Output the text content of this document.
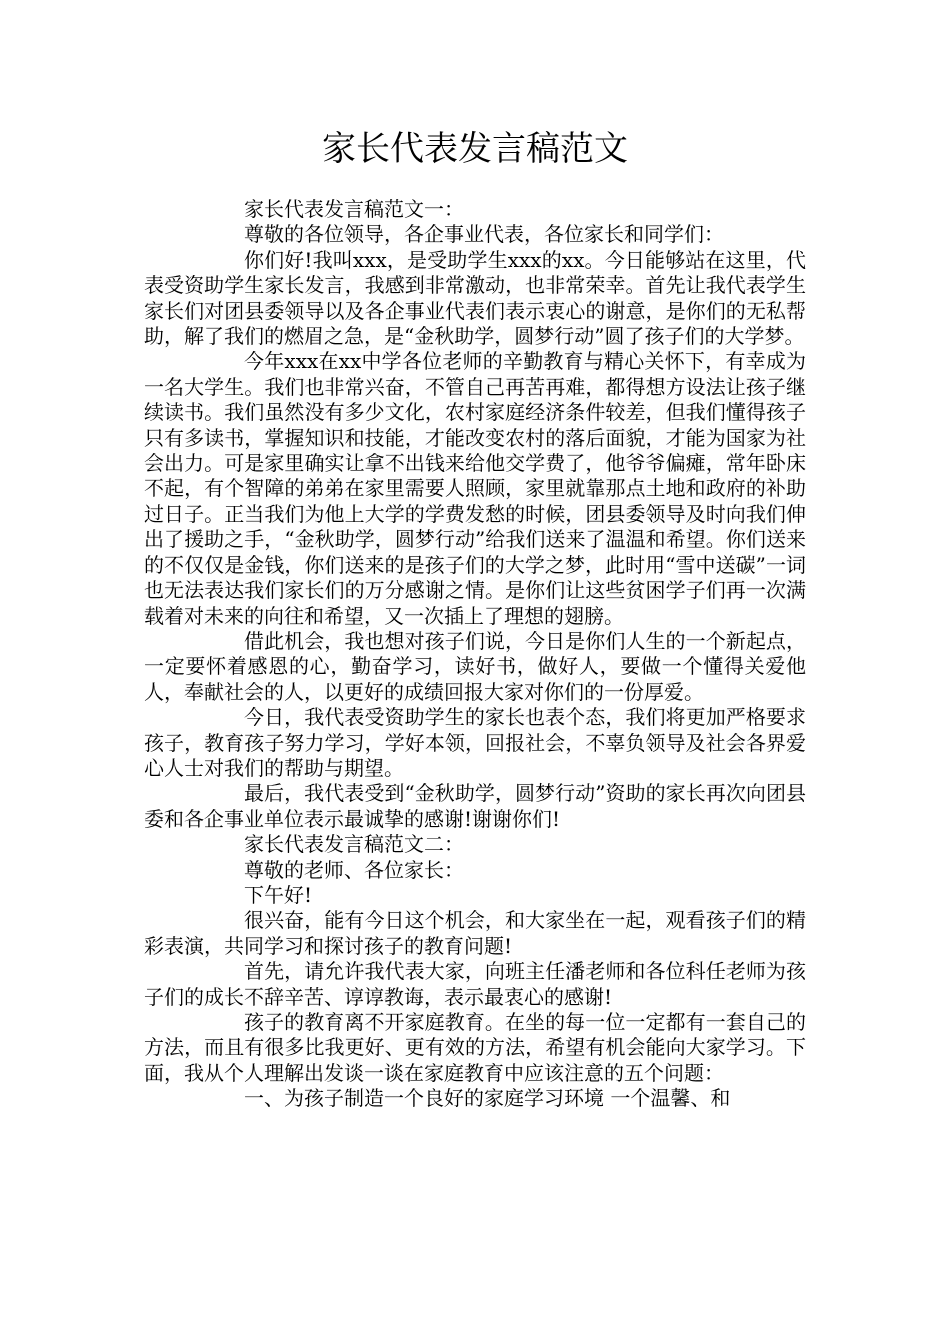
家长代表发言稿范文

家长代表发言稿范文一：

尊敬的各位领导，各企事业代表，各位家长和同学们：

你们好!我叫xxx，是受助学生xxx的xx。今日能够站在这里，代表受资助学生家长发言，我感到非常激动，也非常荣幸。首先让我代表学生家长们对团县委领导以及各企事业代表们表示衷心的谢意，是你们的无私帮助，解了我们的燃眉之急，是“金秋助学，圆梦行动”圆了孩子们的大学梦。

今年xxx在xx中学各位老师的辛勤教育与精心关怀下，有幸成为一名大学生。我们也非常兴奋，不管自己再苦再难，都得想方设法让孩子继续读书。我们虽然没有多少文化，农村家庭经济条件较差，但我们懂得孩子只有多读书，掌握知识和技能，才能改变农村的落后面貌，才能为国家为社会出力。可是家里确实让拿不出钱来给他交学费了，他爷爷偏瘫，常年卧床不起，有个智障的弟弟在家里需要人照顾，家里就靠那点土地和政府的补助过日子。正当我们为他上大学的学费发愁的时候，团县委领导及时向我们伸出了援助之手，“金秋助学，圆梦行动”给我们送来了温温和希望。你们送来的不仅仅是金钱，你们送来的是孩子们的大学之梦，此时用“雪中送碳”一词也无法表达我们家长们的万分感谢之情。是你们让这些贫困学子们再一次满载着对未来的向往和希望，又一次插上了理想的翅膀。

借此机会，我也想对孩子们说，今日是你们人生的一个新起点，一定要怀着感恩的心，勤奋学习，读好书，做好人，要做一个懂得关爱他人，奉献社会的人，以更好的成绩回报大家对你们的一份厚爱。

今日，我代表受资助学生的家长也表个态，我们将更加严格要求孩子，教育孩子努力学习，学好本领，回报社会，不辜负领导及社会各界爱心人士对我们的帮助与期望。

最后，我代表受到“金秋助学，圆梦行动”资助的家长再次向团县委和各企事业单位表示最诚挚的感谢!谢谢你们!

家长代表发言稿范文二：

尊敬的老师、各位家长：

下午好!

很兴奋，能有今日这个机会，和大家坐在一起，观看孩子们的精彩表演，共同学习和探讨孩子的教育问题!

首先，请允许我代表大家，向班主任潘老师和各位科任老师为孩子们的成长不辞辛苦、谆谆教诲，表示最衷心的感谢!

孩子的教育离不开家庭教育。在坐的每一位一定都有一套自己的方法，而且有很多比我更好、更有效的方法，希望有机会能向大家学习。下面，我从个人理解出发谈一谈在家庭教育中应该注意的五个问题：

一、为孩子制造一个良好的家庭学习环境 一个温馨、和
